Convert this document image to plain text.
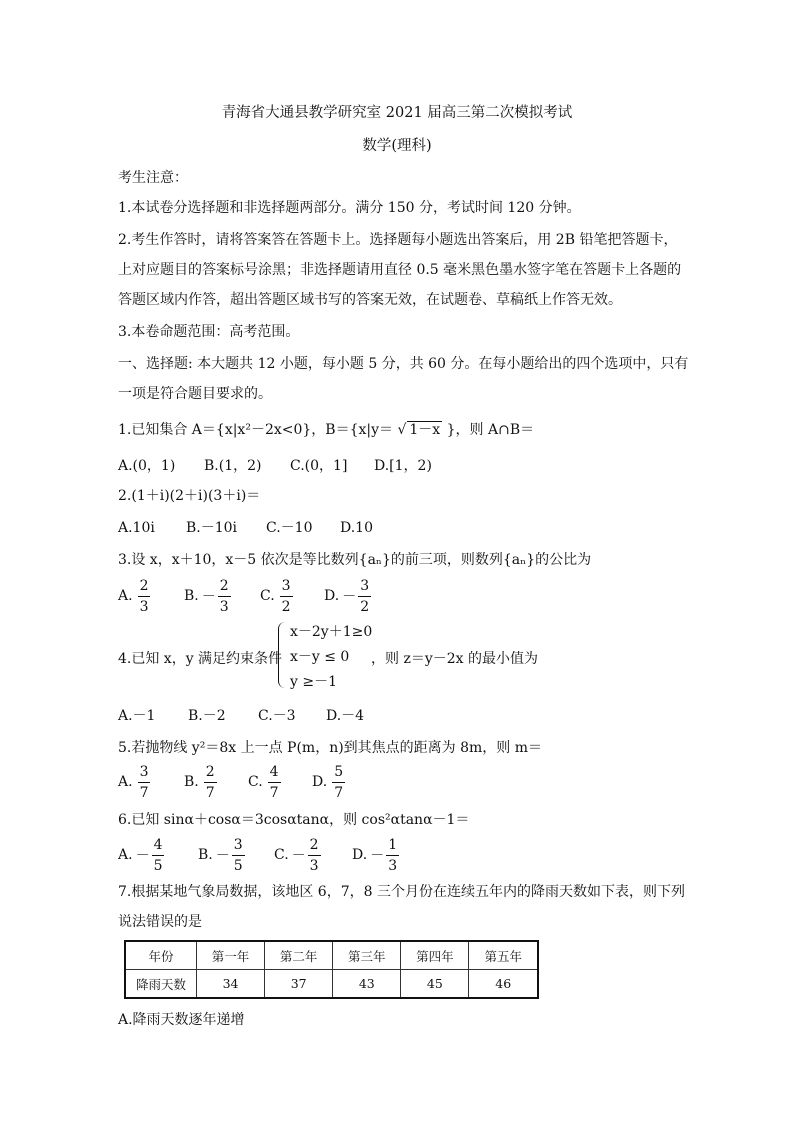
青海省大通县教学研究室 2021 届高三第二次模拟考试
数学(理科)
考生注意：
1.本试卷分选择题和非选择题两部分。满分 150 分，考试时间 120 分钟。
2.考生作答时，请将答案答在答题卡上。选择题每小题选出答案后，用 2B 铅笔把答题卡，
上对应题目的答案标号涂黑；非选择题请用直径 0.5 毫米黑色墨水签字笔在答题卡上各题的
答题区域内作答，超出答题区域书写的答案无效，在试题卷、草稿纸上作答无效。
3.本卷命题范围：高考范围。
一、选择题: 本大题共 12 小题，每小题 5 分，共 60 分。在每小题给出的四个选项中，只有
一项是符合题目要求的。
1.已知集合 A＝{x|x²－2x<0}，B＝{x|y＝ √ 1－x }，则 A∩B＝
A.(0，1) B.(1，2) C.(0，1] D.[1，2)
2.(1＋i)(2＋i)(3＋i)＝
A.10i B.－10i C.－10 D.10
3.设 x，x＋10，x－5 依次是等比数列{aₙ}的前三项，则数列{aₙ}的公比为
A. $\frac{2}{3} B$. － $\frac{2}{3} C$. $\frac{3}{2} D$. － $\frac{3}{2}$
4.已知 x，y 满足约束条件
x－2y＋1≥0
x－y ≤ 0
y ≥－1
，则 z＝y－2x 的最小值为
A.－1 B.－2 C.－3 D.－4
5.若抛物线 y²＝8x 上一点 P(m，n)到其焦点的距离为 8m，则 m＝
A. $\frac{3}{7} B$. $\frac{2}{7} C$. $\frac{4}{7} D$. $\frac{5}{7}$
6.已知 sinα＋cosα＝3cosαtanα，则 cos²αtanα－1＝
A. － $\frac{4}{5} B$. － $\frac{3}{5} C$. － $\frac{2}{3} D$. － $\frac{1}{3}$
7.根据某地气象局数据，该地区 6，7，8 三个月份在连续五年内的降雨天数如下表，则下列
说法错误的是
年份	第一年	第二年	第三年	第四年	第五年
降雨天数	34	37	43	45	46
A.降雨天数逐年递增
